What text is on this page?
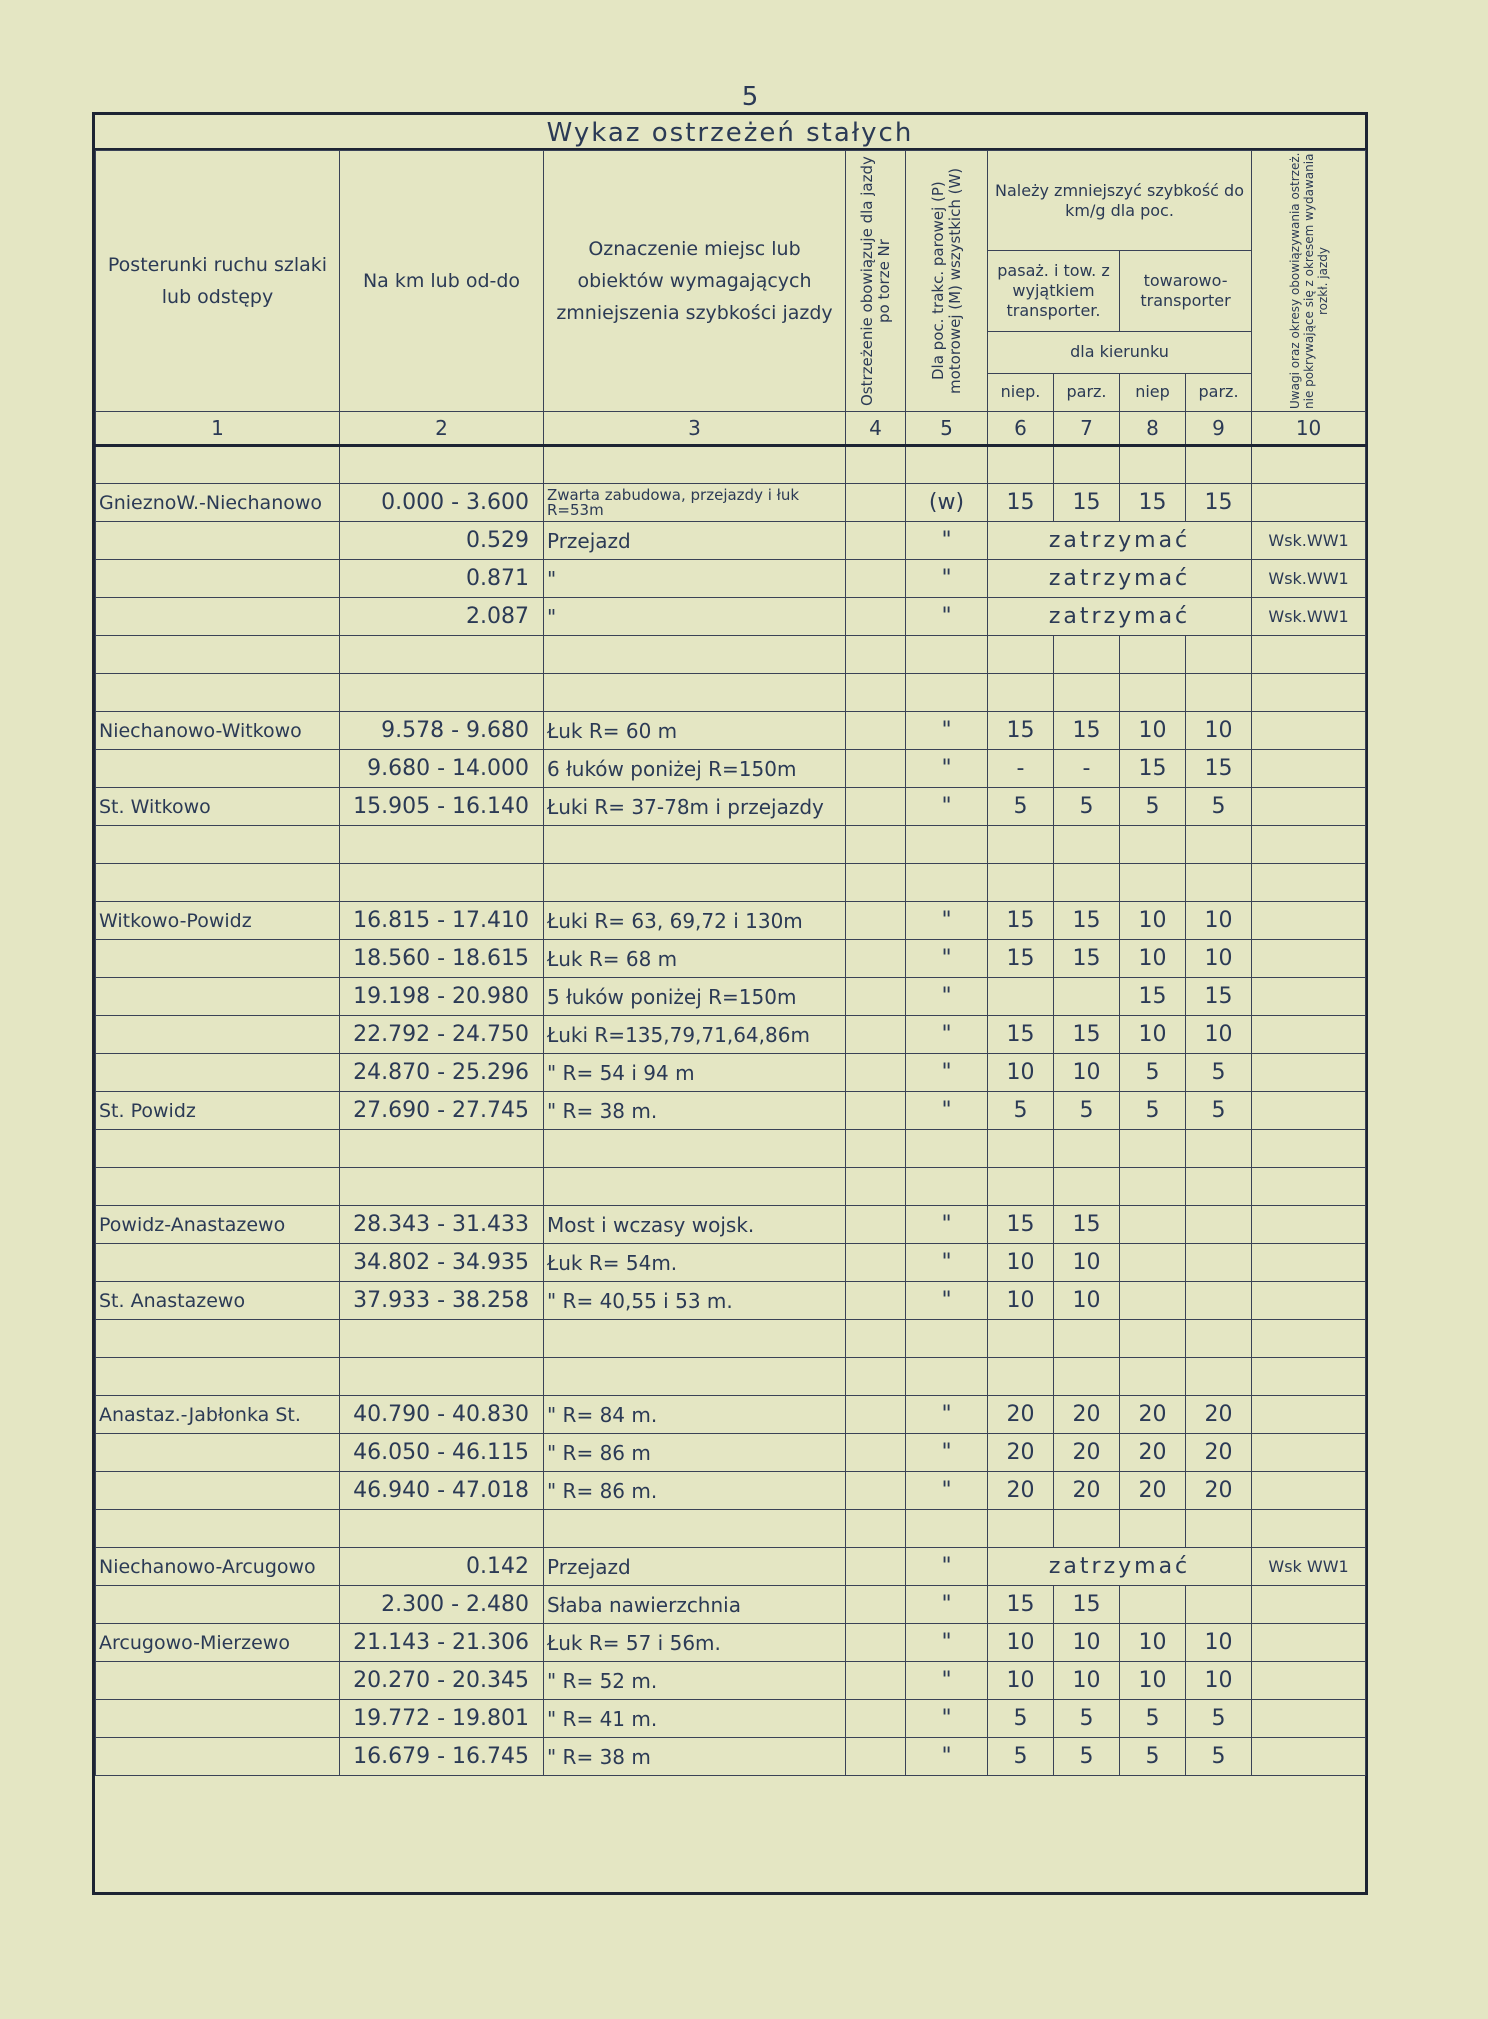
5
Wykaz ostrzeżeń stałych
Posterunki ruchu szlaki lub odstępy	Na km lub od-do	Oznaczenie miejsc lub obiektów wymagających zmniejszenia szybkości jazdy	Ostrzeżenie obowiązuje dla jazdy po torze Nr	Dla poc. trakc. parowej (P) motorowej (M) wszystkich (W)	Należy zmniejszyć szybkość do km/g dla poc.				Uwagi oraz okresy obowiązywania ostrzeż. nie pokrywające się z okresem wydawania rozkł. jazdy

					pasaż. i tow. z wyjątkiem transporter.		towarowo-transporter		
					dla kierunku				
					niep.	parz.	niep	parz.	
1	2	3	4	5	6	7	8	9	10

GnieznoW.-Niechanowo	0.000 - 3.600	Zwarta zabudowa, przejazdy i łuk R=53m		(w)	15	15	15	15	
	0.529	Przejazd		"	zatrzymać				Wsk.WW1
	0.871	"		"	zatrzymać				Wsk.WW1
	2.087	"		"	zatrzymać				Wsk.WW1

Niechanowo-Witkowo	9.578 - 9.680	Łuk R= 60 m		"	15	15	10	10	
	9.680 - 14.000	6 łuków poniżej R=150m		"	-	-	15	15	
St. Witkowo	15.905 - 16.140	Łuki R= 37-78m i przejazdy		"	5	5	5	5	

Witkowo-Powidz	16.815 - 17.410	Łuki R= 63, 69,72 i 130m		"	15	15	10	10	
	18.560 - 18.615	Łuk R= 68 m		"	15	15	10	10	
	19.198 - 20.980	5 łuków poniżej R=150m		"			15	15	
	22.792 - 24.750	Łuki R=135,79,71,64,86m		"	15	15	10	10	
	24.870 - 25.296	" R= 54 i 94 m		"	10	10	5	5	
St. Powidz	27.690 - 27.745	" R= 38 m.		"	5	5	5	5	

Powidz-Anastazewo	28.343 - 31.433	Most i wczasy wojsk.		"	15	15			
	34.802 - 34.935	Łuk R= 54m.		"	10	10			
St. Anastazewo	37.933 - 38.258	" R= 40,55 i 53 m.		"	10	10			

Anastaz.-Jabłonka St.	40.790 - 40.830	" R= 84 m.		"	20	20	20	20	
	46.050 - 46.115	" R= 86 m		"	20	20	20	20	
	46.940 - 47.018	" R= 86 m.		"	20	20	20	20	

Niechanowo-Arcugowo	0.142	Przejazd		"	zatrzymać				Wsk WW1
	2.300 - 2.480	Słaba nawierzchnia		"	15	15			
Arcugowo-Mierzewo	21.143 - 21.306	Łuk R= 57 i 56m.		"	10	10	10	10	
	20.270 - 20.345	" R= 52 m.		"	10	10	10	10	
	19.772 - 19.801	" R= 41 m.		"	5	5	5	5	
	16.679 - 16.745	" R= 38 m		"	5	5	5	5	
